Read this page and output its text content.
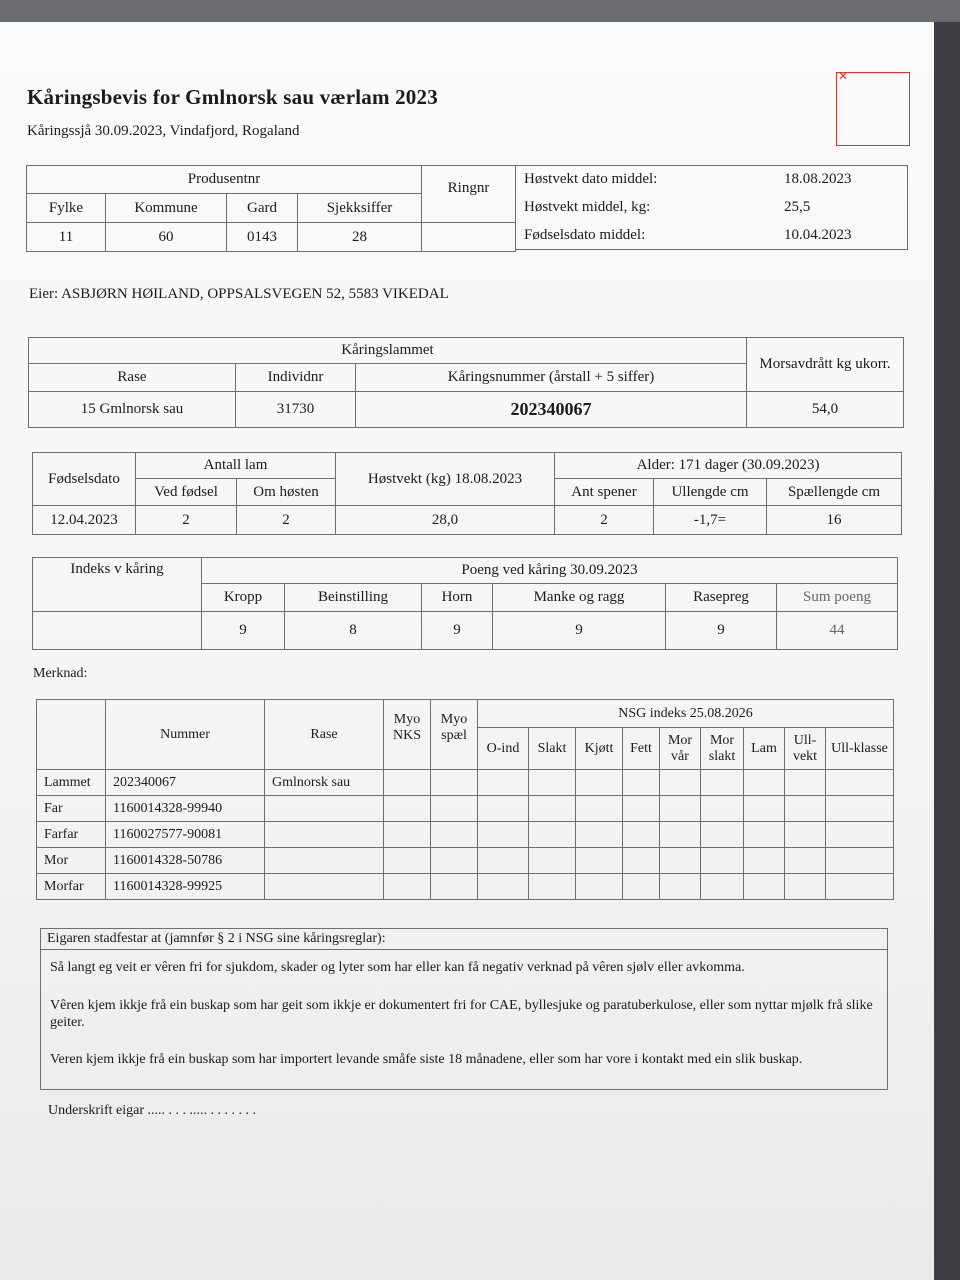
Kåringsbevis for Gmlnorsk sau værlam 2023
Kåringssjå 30.09.2023, Vindafjord, Rogaland
✕
Produsentnr			
Fylke	Kommune	Gard	Sjekksiffer
11	60	0143	28
Ringnr

Høstvekt dato middel:	18.08.2023
Høstvekt middel, kg:	25,5
Fødselsdato middel:	10.04.2023
Eier: ASBJØRN HØILAND, OPPSALSVEGEN 52, 5583 VIKEDAL
Kåringslammet			Morsavdrått kg ukorr.
Rase	Individnr	Kåringsnummer (årstall + 5 siffer)	
15 Gmlnorsk sau	31730	202340067	54,0
Fødselsdato	Antall lam		Høstvekt (kg) 18.08.2023	Alder: 171 dager (30.09.2023)		
	Ved fødsel	Om høsten		Ant spener	Ullengde cm	Spællengde cm
12.04.2023	2	2	28,0	2	-1,7=	16
Indeks v kåring	Poeng ved kåring 30.09.2023					
	Kropp	Beinstilling	Horn	Manke og ragg	Rasepreg	Sum poeng
	9	8	9	9	9	44
Merknad:
	Nummer	Rase	Myo NKS	Myo spæl	NSG indeks 25.08.2026								
					O-ind	Slakt	Kjøtt	Fett	Mor vår	Mor slakt	Lam	Ull-vekt	Ull-klasse
Lammet	202340067	Gmlnorsk sau											
Far	1160014328-99940												
Farfar	1160027577-90081												
Mor	1160014328-50786												
Morfar	1160014328-99925												
Eigaren stadfestar at (jamnfør § 2 i NSG sine kåringsreglar):
Så langt eg veit er vêren fri for sjukdom, skader og lyter som har eller kan få negativ verknad på vêren sjølv eller avkomma.
Vêren kjem ikkje frå ein buskap som har geit som ikkje er dokumentert fri for CAE, byllesjuke og paratuberkulose, eller som nyttar mjølk frå slike geiter.
Veren kjem ikkje frå ein buskap som har importert levande småfe siste 18 månadene, eller som har vore i kontakt med ein slik buskap.
Underskrift eigar ..... . . . ..... . . . . . . .
